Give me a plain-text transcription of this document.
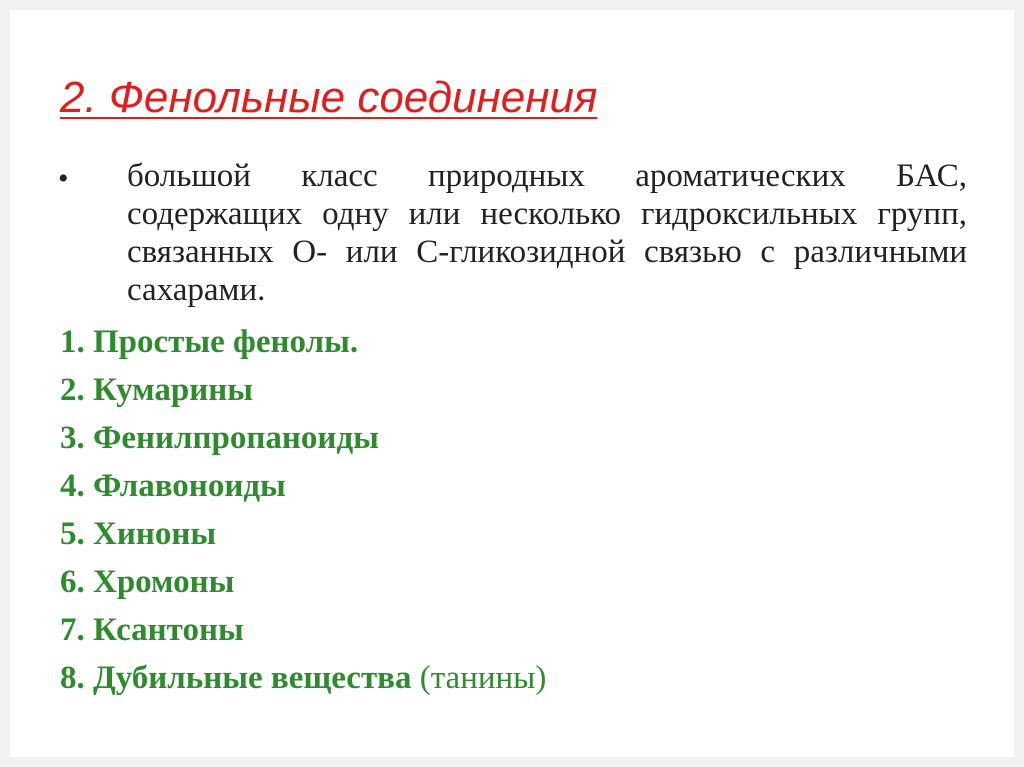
2. Фенольные соединения
• большой класс природных ароматических БАС, содержащих одну или несколько гидроксильных групп, связанных О- или С-гликозидной связью с различными сахарами.

1. Простые фенолы.
2. Кумарины
3. Фенилпропаноиды
4. Флавоноиды
5. Хиноны
6. Хромоны
7. Ксантоны
8. Дубильные вещества (танины)
